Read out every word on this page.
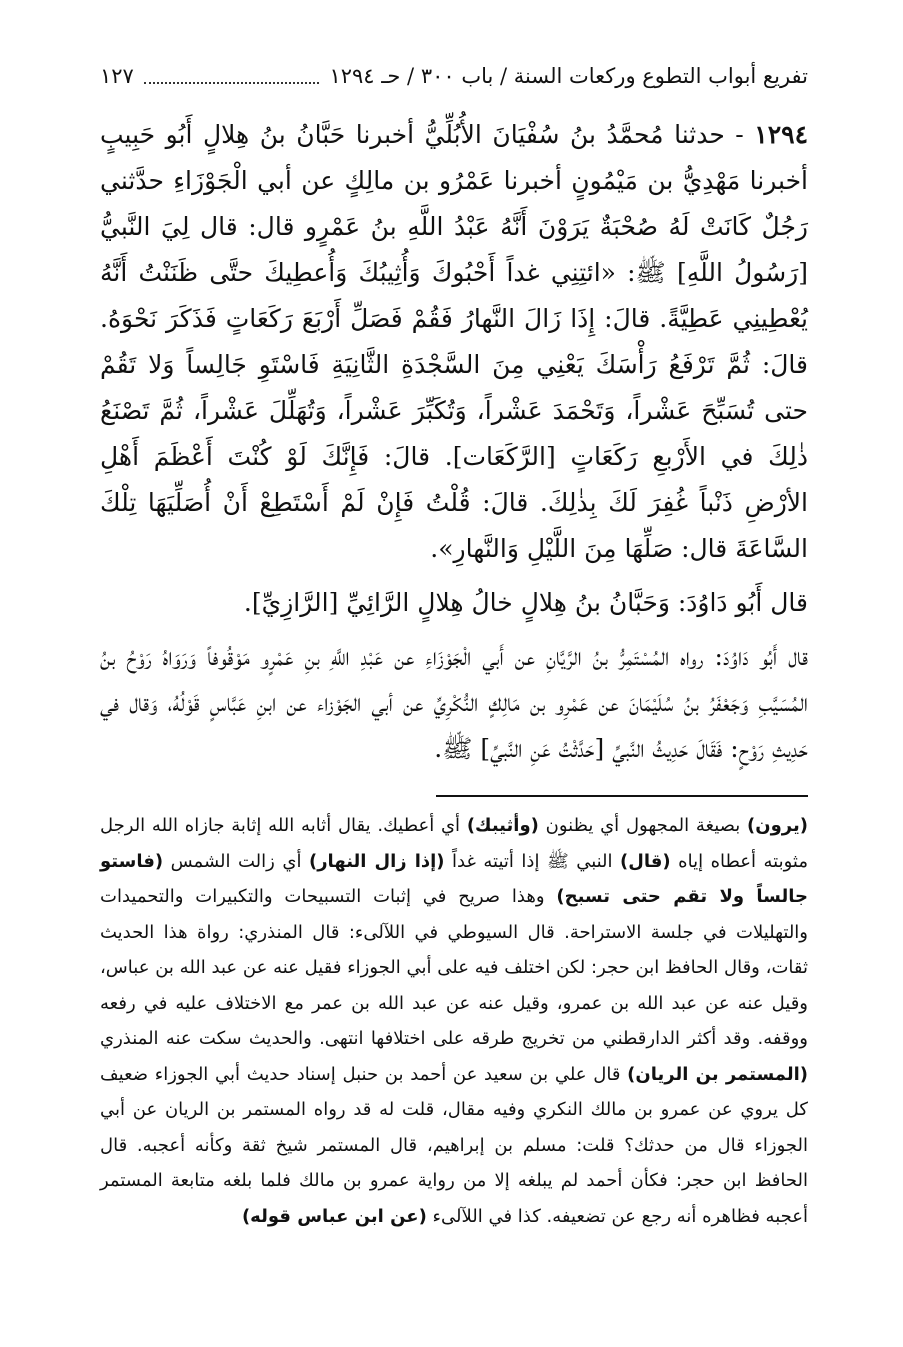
تفريع أبواب التطوع وركعات السنة / باب ٣٠٠ / حـ ١٢٩٤
١٢٧

١٢٩٤ - حدثنا مُحمَّدُ بنُ سُفْيَانَ الأُبُلِّيُّ أخبرنا حَبَّانُ بنُ هِلالٍ أَبُو حَبِيبٍ أخبرنا مَهْدِيُّ بن مَيْمُونٍ أخبرنا عَمْرُو بن مالِكٍ عن أبي الْجَوْزَاءِ حدَّثني رَجُلٌ كَانَتْ لَهُ صُحْبَةٌ يَرَوْنَ أَنَّهُ عَبْدُ اللَّهِ بنُ عَمْرٍو قال: قال لِيَ النَّبيُّ [رَسُولُ اللَّهِ] ﷺ: «ائتِنِي غداً أَحْبُوكَ وَأُثِيبُكَ وَأُعطِيكَ حتَّى ظَنَنْتُ أَنَّهُ يُعْطِينِي عَطِيَّةً. قالَ: إِذَا زَالَ النَّهارُ فَقُمْ فَصَلِّ أَرْبَعَ رَكَعَاتٍ فَذَكَرَ نَحْوَهُ. قالَ: ثُمَّ تَرْفَعُ رَأْسَكَ يَعْنِي مِنَ السَّجْدَةِ الثَّانِيَةِ فَاسْتَوِ جَالِساً وَلا تَقُمْ حتى تُسَبِّحَ عَشْراً، وَتَحْمَدَ عَشْراً، وَتُكَبِّرَ عَشْراً، وَتُهَلِّلَ عَشْراً، ثُمَّ تَصْنَعُ ذٰلِكَ في الأَرْبعِ رَكَعَاتٍ [الرَّكَعَات]. قالَ: فَإِنَّكَ لَوْ كُنْتَ أَعْظَمَ أَهْلِ الأرْضِ ذَنْباً غُفِرَ لَكَ بِذٰلِكَ. قالَ: قُلْتُ فَإِنْ لَمْ أَسْتَطِعْ أَنْ أُصَلِّيَهَا تِلْكَ السَّاعَةَ قال: صَلِّهَا مِنَ اللَّيْلِ وَالنَّهارِ».

قال أَبُو دَاوُدَ: وَحَبَّانُ بنُ هِلالٍ خالُ هِلالٍ الرَّائِيِّ [الرَّازِيِّ].

قال أَبُو دَاوُدَ: رواه المُسْتَمِرُّ بنُ الرَّيَّانِ عن أَبي الْجَوْزَاءِ عن عَبْدِ اللَّهِ بنِ عَمْرٍو مَوْقُوفاً وَرَوَاهُ رَوْحُ بنُ المُسَيَّبِ وَجَعْفَرُ بنُ سُلَيْمَانَ عن عَمْرِو بن مَالِكٍ النُّكْرِيِّ عن أبي الجَوْزاء عن ابنِ عَبَّاسٍ قَوْلُهُ، وَقال في حَدِيثِ رَوْحٍ: فَقَالَ حَدِيثُ النَّبيِّ [حَدَّثْتُ عَنِ النَّبيِّ] ﷺ.

(يرون) بصيغة المجهول أي يظنون (وأثيبك) أي أعطيك. يقال أثابه الله إثابة جازاه الله الرجل مثوبته أعطاه إياه (قال) النبي ﷺ إذا أتيته غداً (إذا زال النهار) أي زالت الشمس (فاستو جالساً ولا تقم حتى تسبح) وهذا صريح في إثبات التسبيحات والتكبيرات والتحميدات والتهليلات في جلسة الاستراحة. قال السيوطي في اللآلىء: قال المنذري: رواة هذا الحديث ثقات، وقال الحافظ ابن حجر: لكن اختلف فيه على أبي الجوزاء فقيل عنه عن عبد الله بن عباس، وقيل عنه عن عبد الله بن عمرو، وقيل عنه عن عبد الله بن عمر مع الاختلاف عليه في رفعه ووقفه. وقد أكثر الدارقطني من تخريج طرقه على اختلافها انتهى. والحديث سكت عنه المنذري (المستمر بن الريان) قال علي بن سعيد عن أحمد بن حنبل إسناد حديث أبي الجوزاء ضعيف كل يروي عن عمرو بن مالك النكري وفيه مقال، قلت له قد رواه المستمر بن الريان عن أبي الجوزاء قال من حدثك؟ قلت: مسلم بن إبراهيم، قال المستمر شيخ ثقة وكأنه أعجبه. قال الحافظ ابن حجر: فكأن أحمد لم يبلغه إلا من رواية عمرو بن مالك فلما بلغه متابعة المستمر أعجبه فظاهره أنه رجع عن تضعيفه. كذا في اللآلىء (عن ابن عباس قوله)
